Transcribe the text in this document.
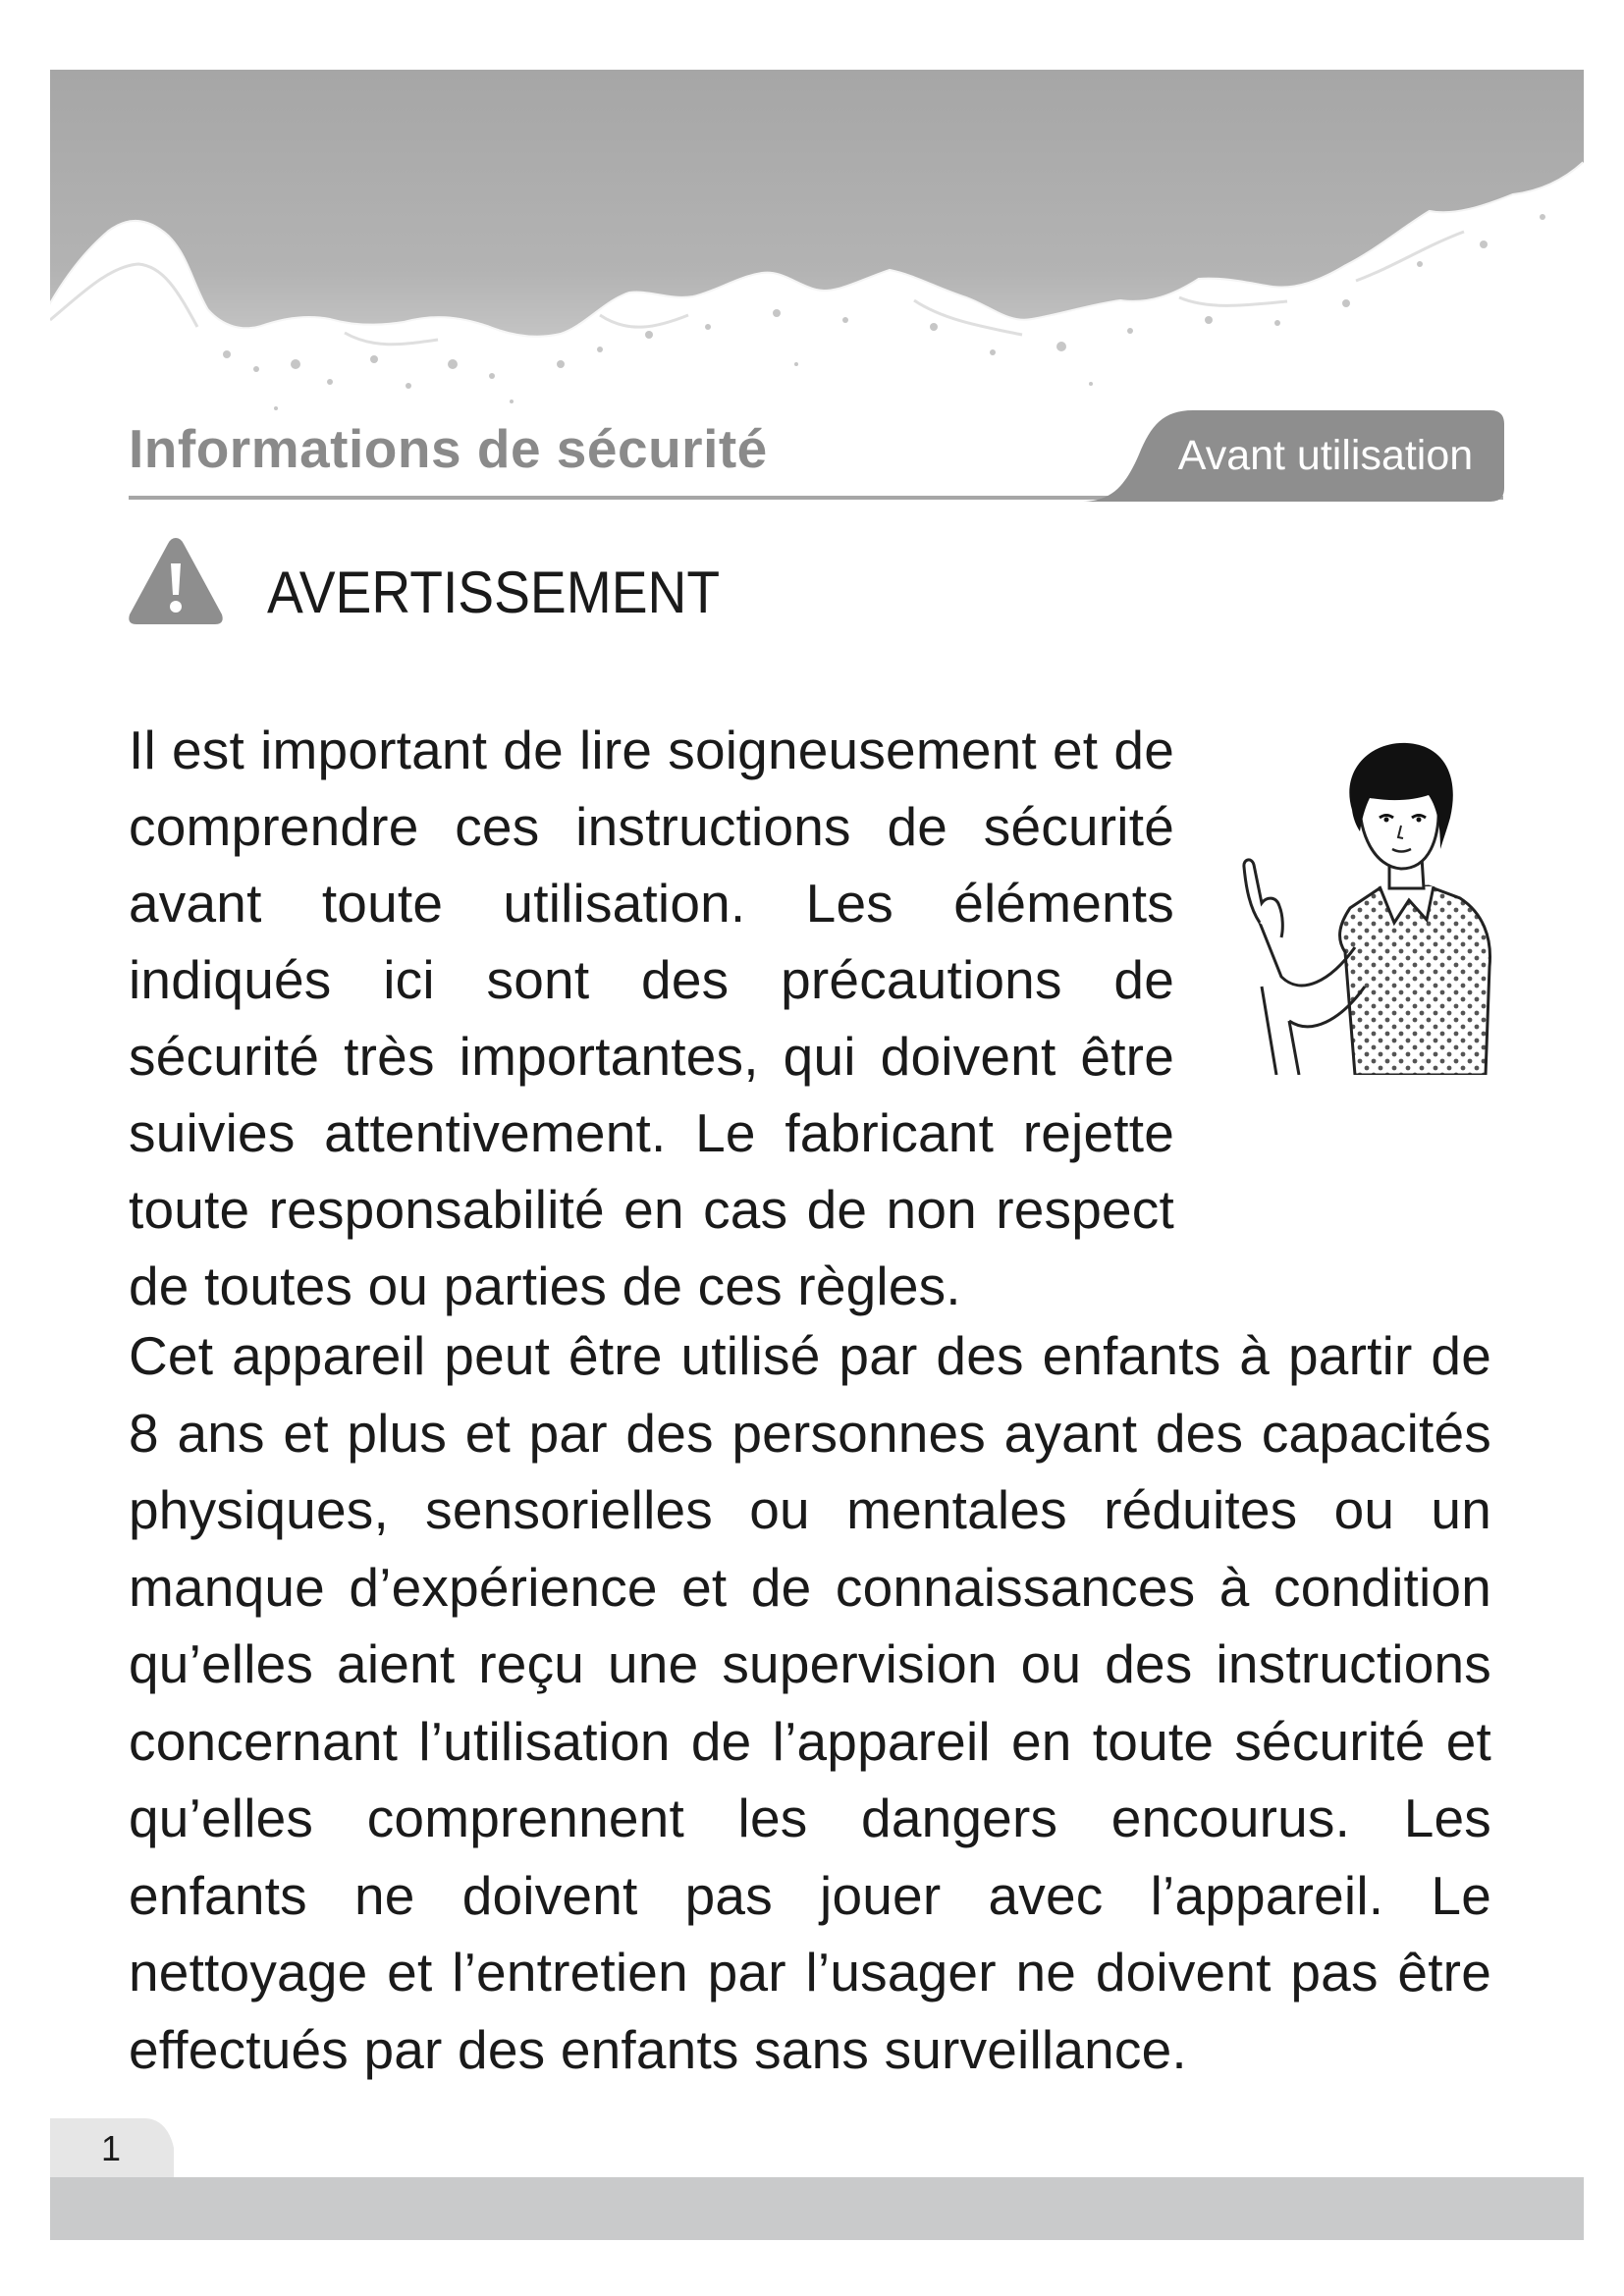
Informations de sécurité	Avant utilisation
AVERTISSEMENT

Il est important de lire soigneusement et de comprendre ces instructions de sécurité avant toute utilisation. Les éléments indiqués ici sont des précautions de sécurité très importantes, qui doivent être suivies attentivement. Le fabricant rejette toute responsabilité en cas de non respect de toutes ou parties de ces règles.

Cet appareil peut être utilisé par des enfants à partir de 8 ans et plus et par des personnes ayant des capacités physiques, sensorielles ou mentales réduites ou un manque d’expérience et de connaissances à condition qu’elles aient reçu une supervision ou des instructions concernant l’utilisation de l’appareil en toute sécurité et qu’elles comprennent les dangers encourus. Les enfants ne doivent pas jouer avec l’appareil. Le nettoyage et l’entretien par l’usager ne doivent pas être effectués par des enfants sans surveillance.

1
